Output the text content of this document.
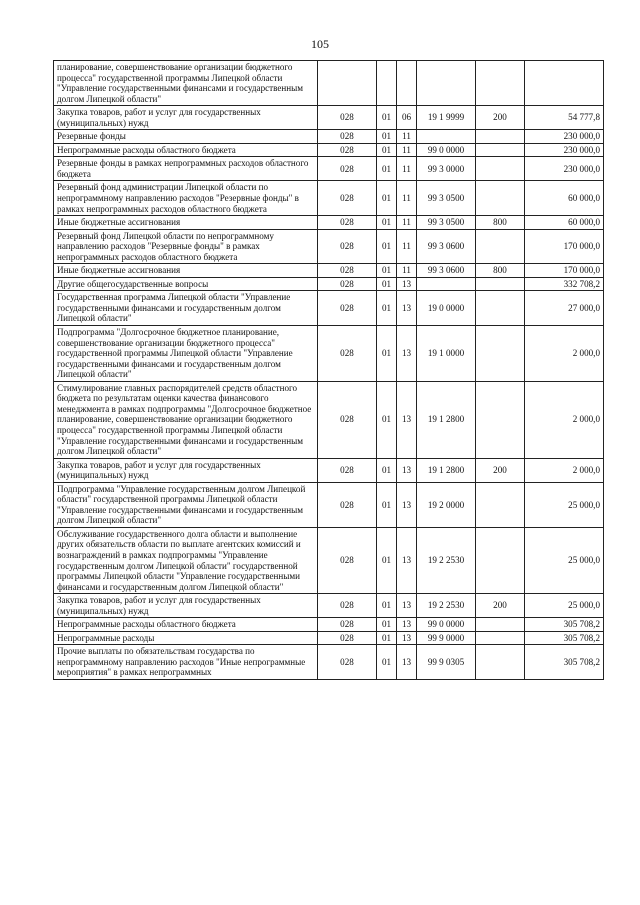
105
планирование, совершенствование организации бюджетного процесса" государственной программы Липецкой области "Управление государственными финансами и государственным долгом Липецкой области"						
Закупка товаров, работ и услуг для государственных (муниципальных) нужд	028	01	06	19 1 9999	200	54 777,8
Резервные фонды	028	01	11			230 000,0
Непрограммные расходы областного бюджета	028	01	11	99 0 0000		230 000,0
Резервные фонды в рамках непрограммных расходов областного бюджета	028	01	11	99 3 0000		230 000,0
Резервный фонд администрации Липецкой области по непрограммному направлению расходов "Резервные фонды" в рамках непрограммных расходов областного бюджета	028	01	11	99 3 0500		60 000,0
Иные бюджетные ассигнования	028	01	11	99 3 0500	800	60 000,0
Резервный фонд Липецкой области по непрограммному направлению расходов "Резервные фонды" в рамках непрограммных расходов областного бюджета	028	01	11	99 3 0600		170 000,0
Иные бюджетные ассигнования	028	01	11	99 3 0600	800	170 000,0
Другие общегосударственные вопросы	028	01	13			332 708,2
Государственная программа Липецкой области "Управление государственными финансами и государственным долгом Липецкой области"	028	01	13	19 0 0000		27 000,0
Подпрограмма "Долгосрочное бюджетное планирование, совершенствование организации бюджетного процесса" государственной программы Липецкой области "Управление государственными финансами и государственным долгом Липецкой области"	028	01	13	19 1 0000		2 000,0
Стимулирование главных распорядителей средств областного бюджета по результатам оценки качества финансового менеджмента в рамках подпрограммы "Долгосрочное бюджетное планирование, совершенствование организации бюджетного процесса" государственной программы Липецкой области "Управление государственными финансами и государственным долгом Липецкой области"	028	01	13	19 1 2800		2 000,0
Закупка товаров, работ и услуг для государственных (муниципальных) нужд	028	01	13	19 1 2800	200	2 000,0
Подпрограмма "Управление государственным долгом Липецкой области" государственной программы Липецкой области "Управление государственными финансами и государственным долгом Липецкой области"	028	01	13	19 2 0000		25 000,0
Обслуживание государственного долга области и выполнение других обязательств области по выплате агентских комиссий и вознаграждений в рамках подпрограммы "Управление государственным долгом Липецкой области" государственной программы Липецкой области "Управление государственными финансами и государственным долгом Липецкой области"	028	01	13	19 2 2530		25 000,0
Закупка товаров, работ и услуг для государственных (муниципальных) нужд	028	01	13	19 2 2530	200	25 000,0
Непрограммные расходы областного бюджета	028	01	13	99 0 0000		305 708,2
Непрограммные расходы	028	01	13	99 9 0000		305 708,2
Прочие выплаты по обязательствам государства по непрограммному направлению расходов "Иные непрограммные мероприятия" в рамках непрограммных	028	01	13	99 9 0305		305 708,2
